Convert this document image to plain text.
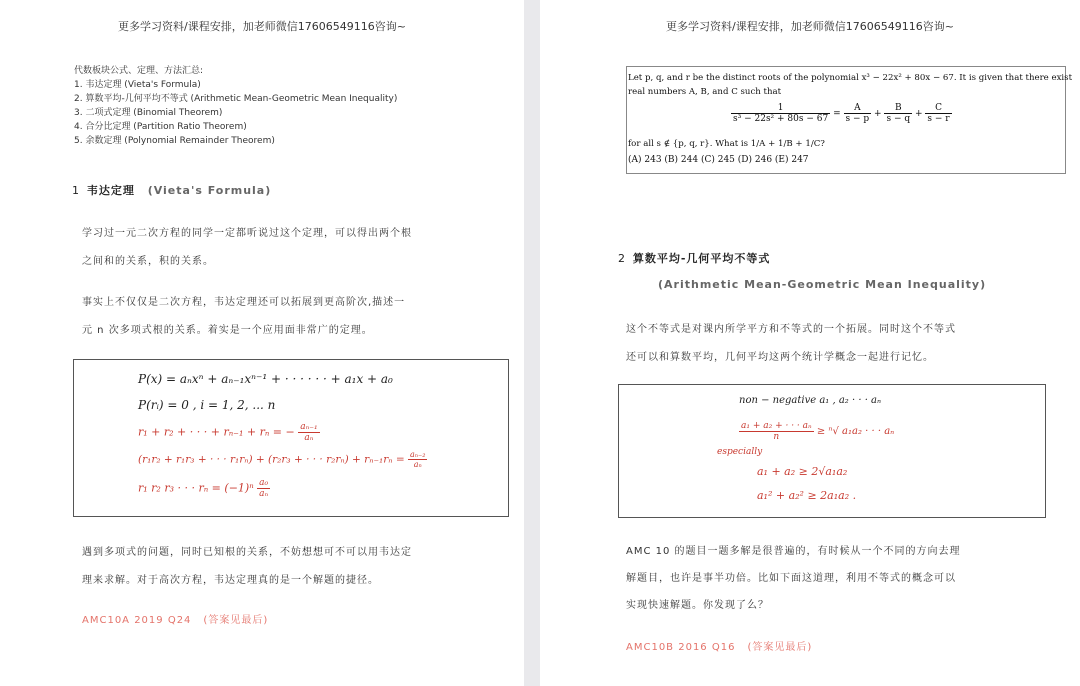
更多学习资料/课程安排，加老师微信17606549116咨询~
代数板块公式、定理、方法汇总:
1. 韦达定理 (Vieta's Formula)
2. 算数平均-几何平均不等式 (Arithmetic Mean-Geometric Mean Inequality)
3. 二项式定理 (Binomial Theorem)
4. 合分比定理 (Partition Ratio Theorem)
5. 余数定理 (Polynomial Remainder Theorem)
1 韦达定理 (Vieta's Formula)
学习过一元二次方程的同学一定都听说过这个定理，可以得出两个根
之间和的关系，积的关系。
事实上不仅仅是二次方程，韦达定理还可以拓展到更高阶次,描述一
元 n 次多项式根的关系。着实是一个应用面非常广的定理。
P(x) = aₙxⁿ + aₙ₋₁xⁿ⁻¹ + · · · · · · + a₁x + a₀
P(rᵢ) = 0 , i = 1, 2, ... n
r₁ + r₂ + · · · + rₙ₋₁ + rₙ = − $\frac{\text{aₙ₋₁}}{\text{aₙ}}$
(r₁r₂ + r₁r₃ + · · · r₁rₙ) + (r₂r₃ + · · · $r_2r_n) + r_{n-1}r_n = \frac{\text{aₙ₋₂}}{\text{aₙ}}$
r₁ r₂ r₃ · · · $r_n = (-1)^n \frac{\text{a₀}}{\text{aₙ}}$
遇到多项式的问题，同时已知根的关系，不妨想想可不可以用韦达定
理来求解。对于高次方程，韦达定理真的是一个解题的捷径。
AMC10A 2019 Q24 (答案见最后)
更多学习资料/课程安排，加老师微信17606549116咨询~
Let p, q, and r be the distinct roots of the polynomial x³ − 22x² + 80x − 67. It is given that there exist
real numbers A, B, and C such that
$\frac{1}{\text{s³ − 22s² + 80s − 67}} = \frac{A}{s - p} + \frac{B}{s - q} + \frac{C}{s - r}$
for all s ∉ {p, q, r}. What is 1/A + 1/B + 1/C?
(A) 243 (B) 244 (C) 245 (D) 246 (E) 247
2 算数平均-几何平均不等式
(Arithmetic Mean-Geometric Mean Inequality)
这个不等式是对课内所学平方和不等式的一个拓展。同时这个不等式
还可以和算数平均，几何平均这两个统计学概念一起进行记忆。
non − negative a₁ , a₂ · · · aₙ
$\frac{\text{a₁ + a₂ + · · · aₙ}}{n} \ge ^n√$ a₁a₂ · · · aₙ
especially
a₁ + a₂ ≥ 2√a₁a₂
a₁² + a₂² ≥ 2a₁a₂ .
AMC 10 的题目一题多解是很普遍的，有时候从一个不同的方向去理
解题目，也许是事半功倍。比如下面这道理，利用不等式的概念可以
实现快速解题。你发现了么？
AMC10B 2016 Q16 (答案见最后)
